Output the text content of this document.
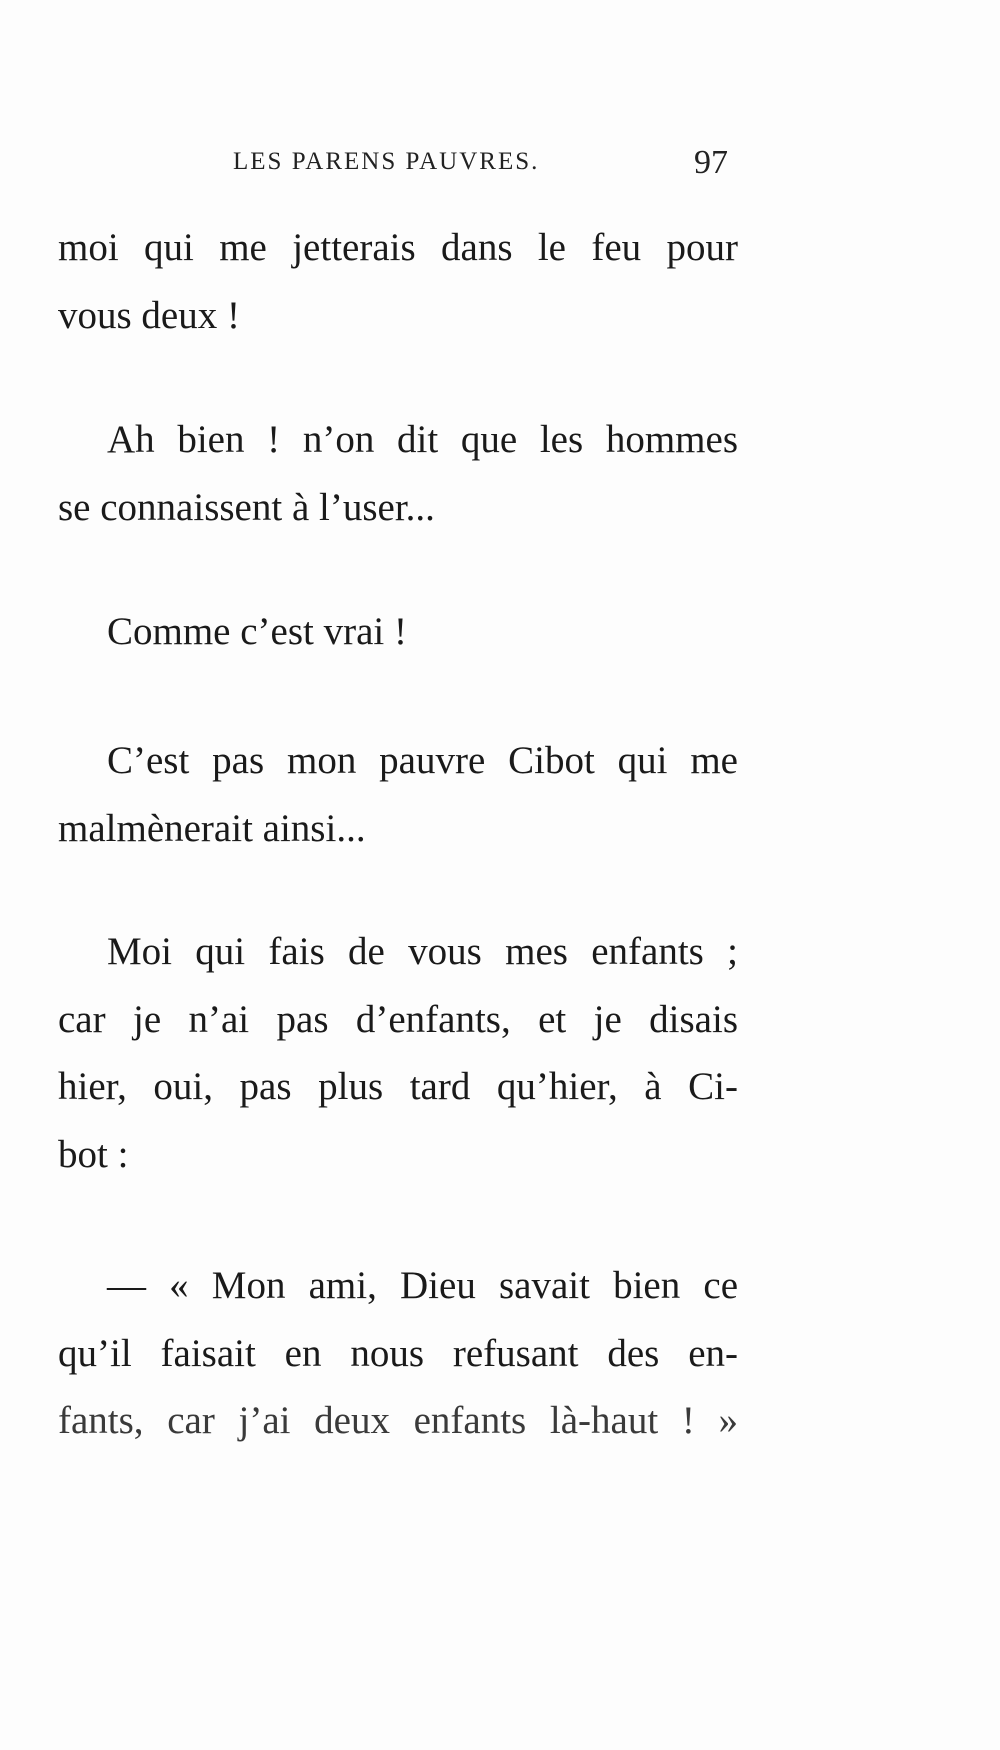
LES PARENS PAUVRES.	97
moi qui me jetterais dans le feu pour
vous deux !
Ah bien ! n’on dit que les hommes
se connaissent à l’user...
Comme c’est vrai !
C’est pas mon pauvre Cibot qui me
malmènerait ainsi...
Moi qui fais de vous mes enfants ;
car je n’ai pas d’enfants, et je disais
hier, oui, pas plus tard qu’hier, à Ci-
bot :
— « Mon ami, Dieu savait bien ce
qu’il faisait en nous refusant des en-
fants, car j’ai deux enfants là-haut ! »
